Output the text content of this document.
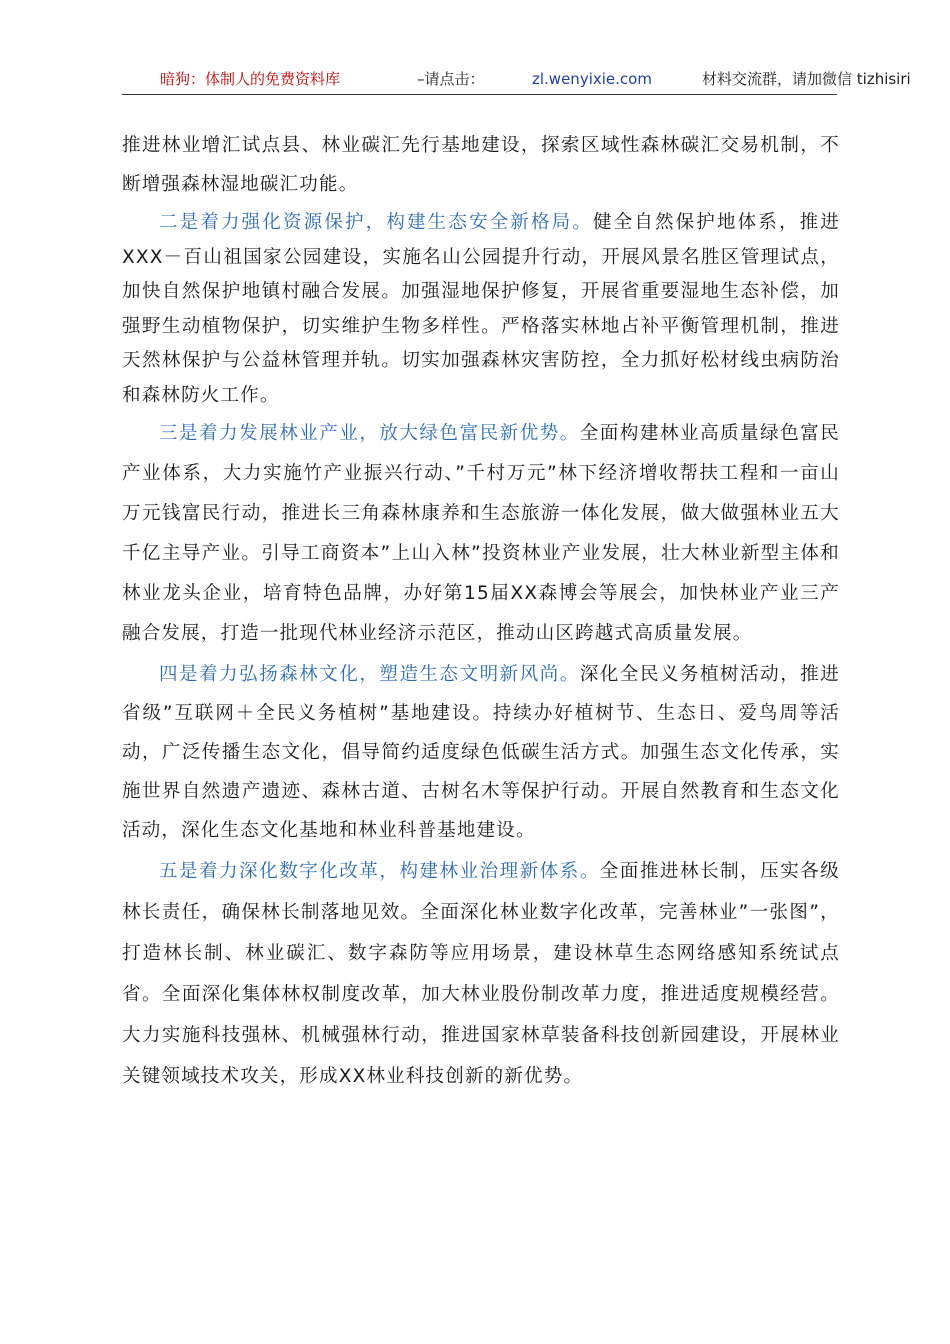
暗狗：体制人的免费资料库	–请点击：	zl.wenyixie.com	材料交流群，请加微信 tizhisiri

推进林业增汇试点县、林业碳汇先行基地建设，探索区域性森林碳汇交易机制，不断增强森林湿地碳汇功能。

二是着力强化资源保护，构建生态安全新格局。健全自然保护地体系，推进XXX－百山祖国家公园建设，实施名山公园提升行动，开展风景名胜区管理试点，加快自然保护地镇村融合发展。加强湿地保护修复，开展省重要湿地生态补偿，加强野生动植物保护，切实维护生物多样性。严格落实林地占补平衡管理机制，推进天然林保护与公益林管理并轨。切实加强森林灾害防控，全力抓好松材线虫病防治和森林防火工作。

三是着力发展林业产业，放大绿色富民新优势。全面构建林业高质量绿色富民产业体系，大力实施竹产业振兴行动、”千村万元”林下经济增收帮扶工程和一亩山万元钱富民行动，推进长三角森林康养和生态旅游一体化发展，做大做强林业五大千亿主导产业。引导工商资本”上山入林”投资林业产业发展，壮大林业新型主体和林业龙头企业，培育特色品牌，办好第15届XX森博会等展会，加快林业产业三产融合发展，打造一批现代林业经济示范区，推动山区跨越式高质量发展。

四是着力弘扬森林文化，塑造生态文明新风尚。深化全民义务植树活动，推进省级”互联网＋全民义务植树”基地建设。持续办好植树节、生态日、爱鸟周等活动，广泛传播生态文化，倡导简约适度绿色低碳生活方式。加强生态文化传承，实施世界自然遗产遗迹、森林古道、古树名木等保护行动。开展自然教育和生态文化活动，深化生态文化基地和林业科普基地建设。

五是着力深化数字化改革，构建林业治理新体系。全面推进林长制，压实各级林长责任，确保林长制落地见效。全面深化林业数字化改革，完善林业”一张图”，打造林长制、林业碳汇、数字森防等应用场景，建设林草生态网络感知系统试点省。全面深化集体林权制度改革，加大林业股份制改革力度，推进适度规模经营。大力实施科技强林、机械强林行动，推进国家林草装备科技创新园建设，开展林业关键领域技术攻关，形成XX林业科技创新的新优势。
